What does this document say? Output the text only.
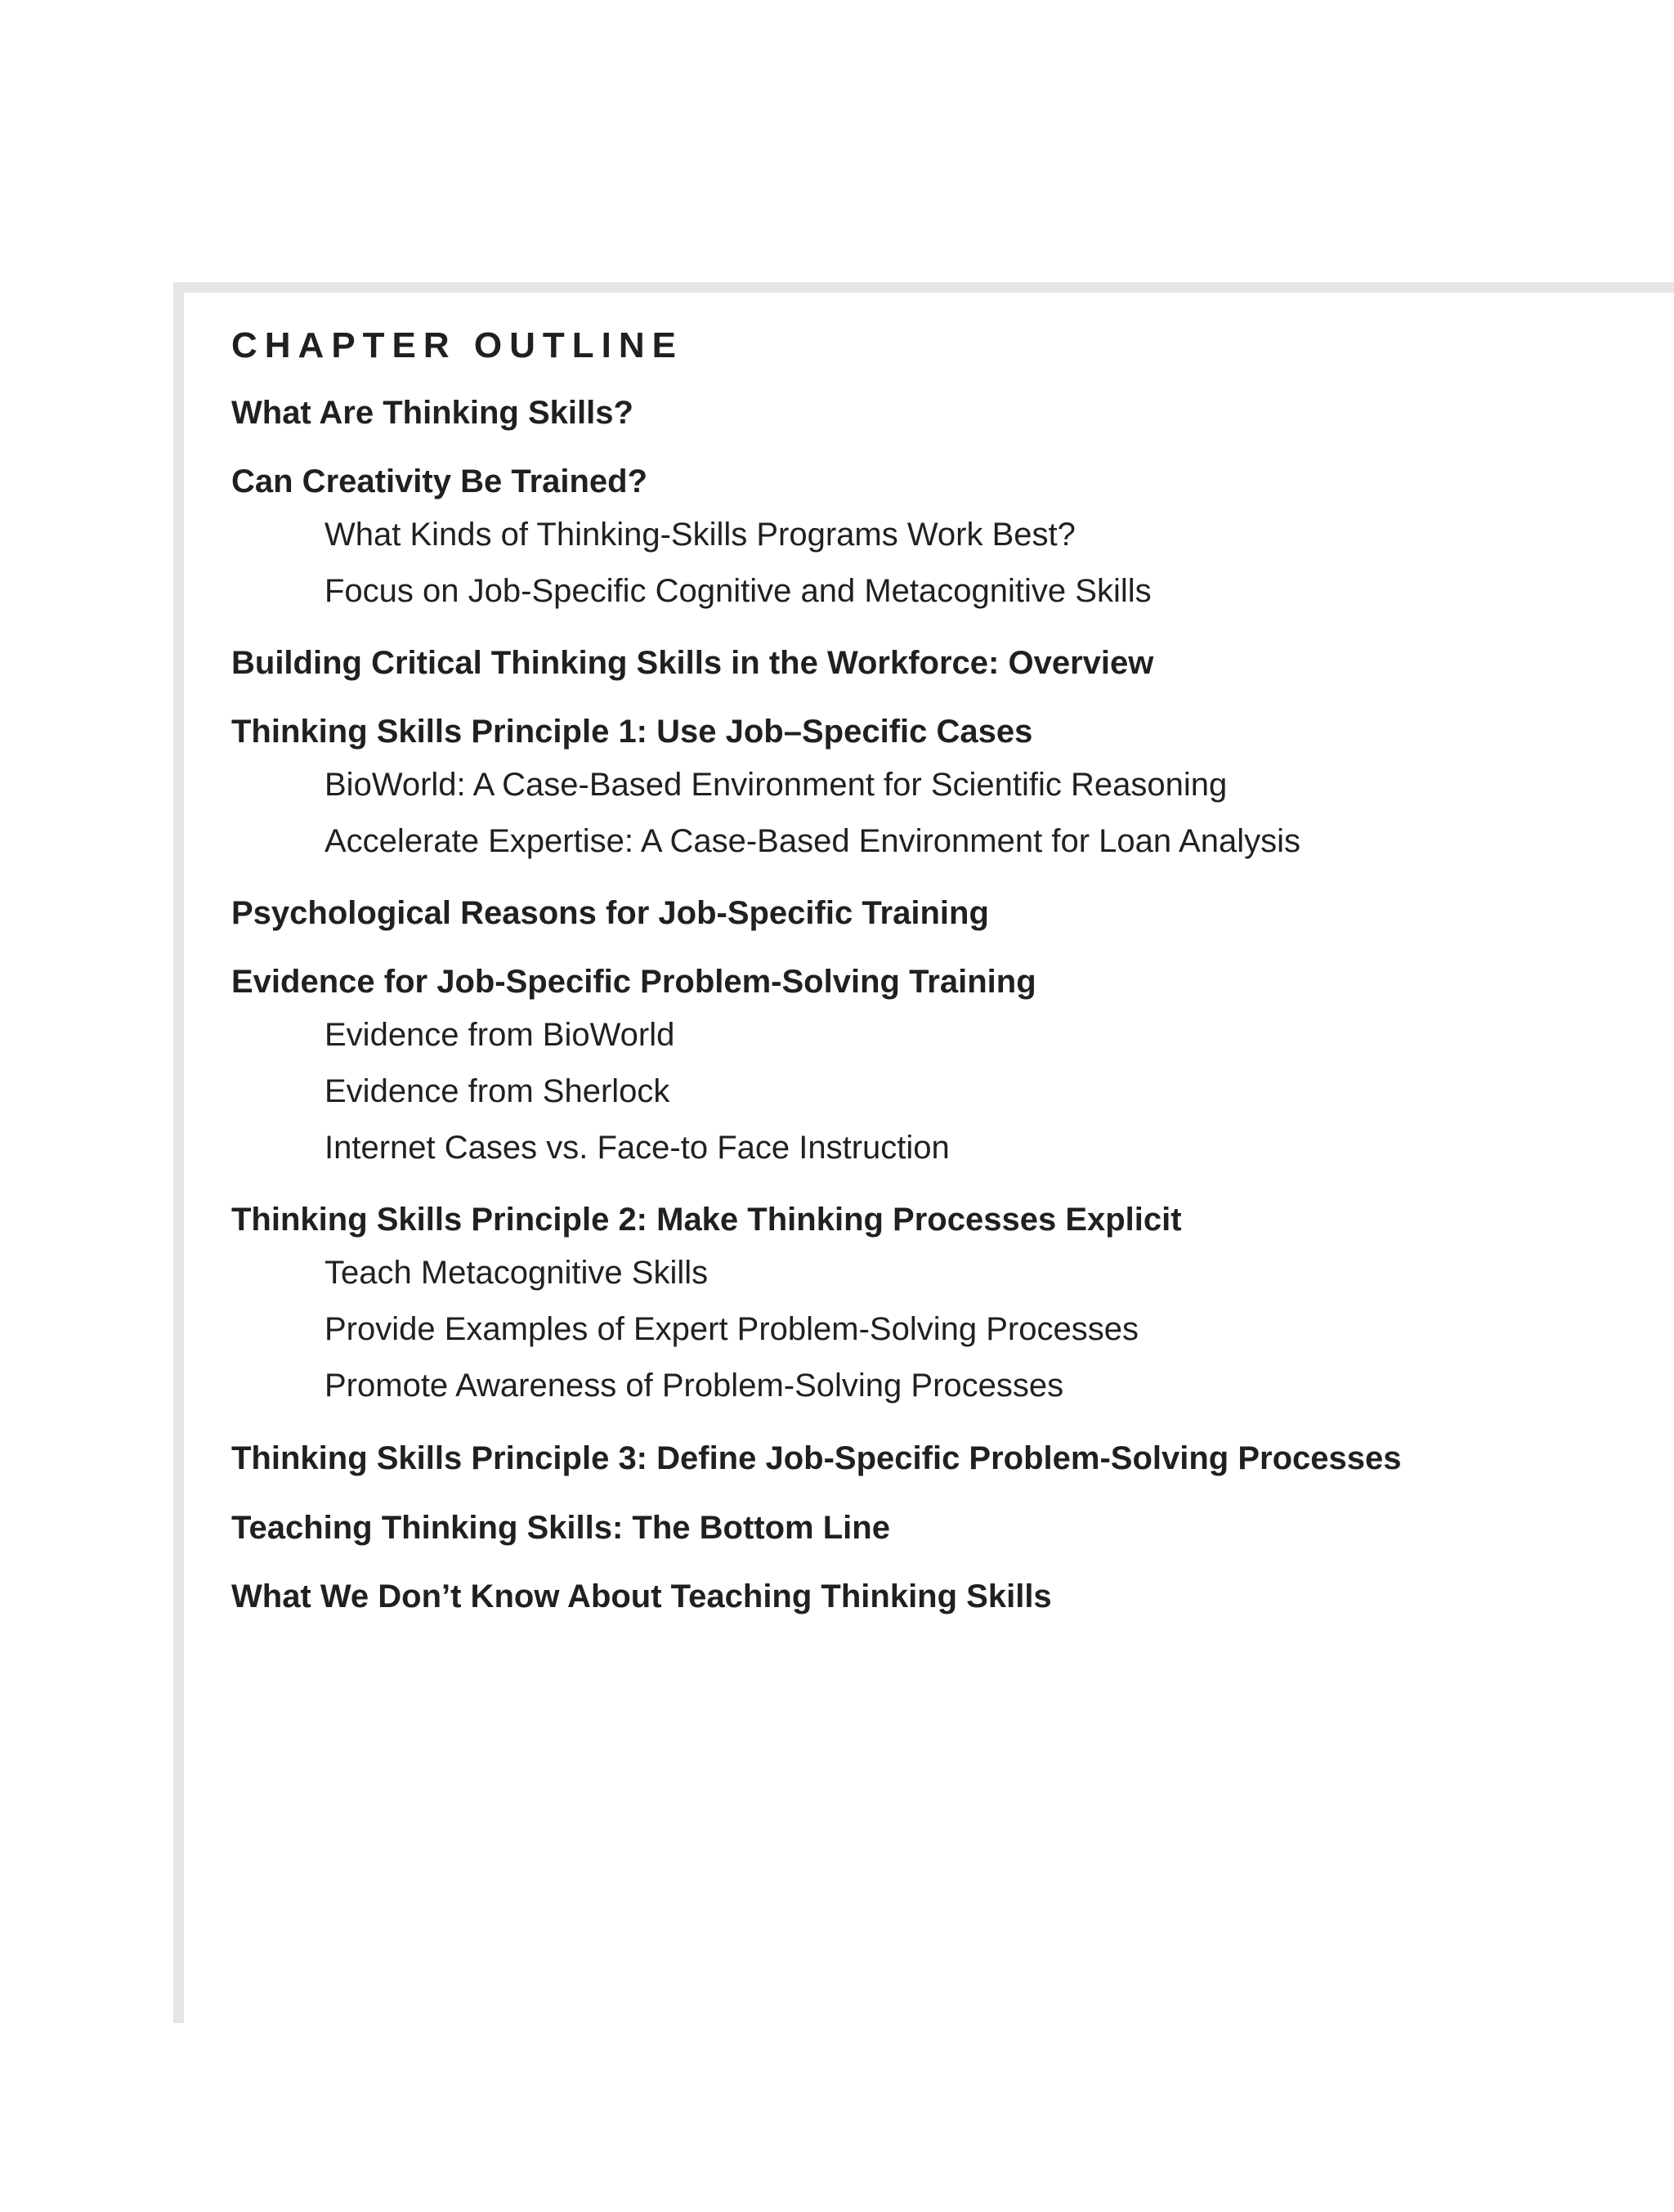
CHAPTER OUTLINE
What Are Thinking Skills?
Can Creativity Be Trained?
What Kinds of Thinking-Skills Programs Work Best?
Focus on Job-Specific Cognitive and Metacognitive Skills
Building Critical Thinking Skills in the Workforce: Overview
Thinking Skills Principle 1: Use Job–Specific Cases
BioWorld: A Case-Based Environment for Scientific Reasoning
Accelerate Expertise: A Case-Based Environment for Loan Analysis
Psychological Reasons for Job-Specific Training
Evidence for Job-Specific Problem-Solving Training
Evidence from BioWorld
Evidence from Sherlock
Internet Cases vs. Face-to Face Instruction
Thinking Skills Principle 2: Make Thinking Processes Explicit
Teach Metacognitive Skills
Provide Examples of Expert Problem-Solving Processes
Promote Awareness of Problem-Solving Processes
Thinking Skills Principle 3: Define Job-Specific Problem-Solving Processes
Teaching Thinking Skills: The Bottom Line
What We Don’t Know About Teaching Thinking Skills
